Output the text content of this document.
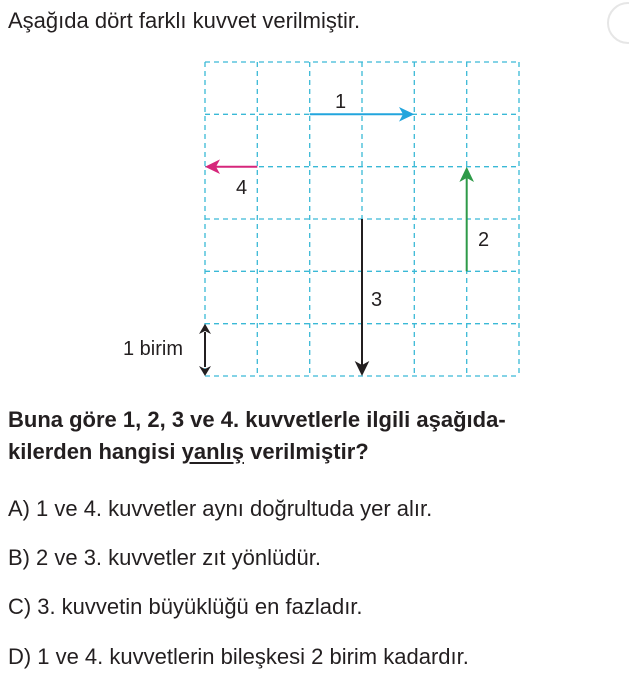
Aşağıda dört farklı kuvvet verilmiştir.
1
4
2
3
1 birim
Buna göre 1, 2, 3 ve 4. kuvvetlerle ilgili aşağıda-
kilerden hangisi yanlış verilmiştir?
A) 1 ve 4. kuvvetler aynı doğrultuda yer alır.
B) 2 ve 3. kuvvetler zıt yönlüdür.
C) 3. kuvvetin büyüklüğü en fazladır.
D) 1 ve 4. kuvvetlerin bileşkesi 2 birim kadardır.
